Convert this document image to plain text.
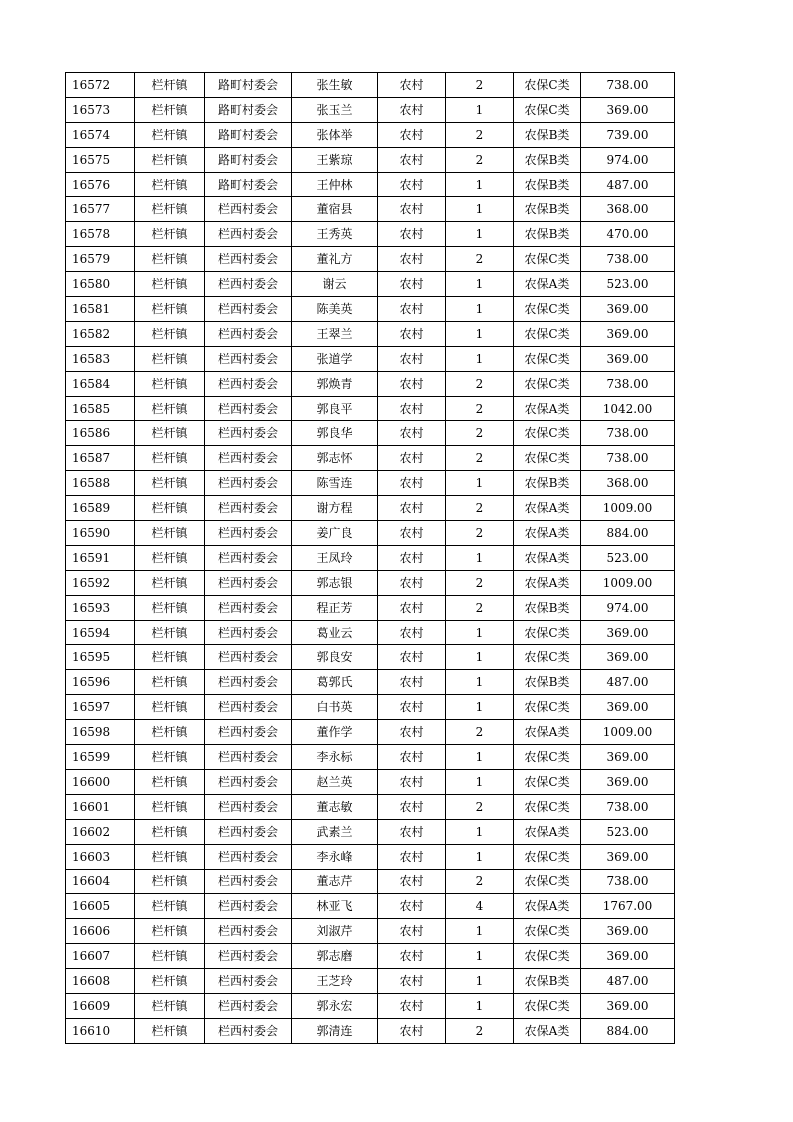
16572	栏杆镇	路町村委会	张生敏	农村	2	农保C类	738.00
16573	栏杆镇	路町村委会	张玉兰	农村	1	农保C类	369.00
16574	栏杆镇	路町村委会	张体举	农村	2	农保B类	739.00
16575	栏杆镇	路町村委会	王紫琼	农村	2	农保B类	974.00
16576	栏杆镇	路町村委会	王仲林	农村	1	农保B类	487.00
16577	栏杆镇	栏西村委会	董宿县	农村	1	农保B类	368.00
16578	栏杆镇	栏西村委会	王秀英	农村	1	农保B类	470.00
16579	栏杆镇	栏西村委会	董礼方	农村	2	农保C类	738.00
16580	栏杆镇	栏西村委会	谢云	农村	1	农保A类	523.00
16581	栏杆镇	栏西村委会	陈美英	农村	1	农保C类	369.00
16582	栏杆镇	栏西村委会	王翠兰	农村	1	农保C类	369.00
16583	栏杆镇	栏西村委会	张道学	农村	1	农保C类	369.00
16584	栏杆镇	栏西村委会	郭焕青	农村	2	农保C类	738.00
16585	栏杆镇	栏西村委会	郭良平	农村	2	农保A类	1042.00
16586	栏杆镇	栏西村委会	郭良华	农村	2	农保C类	738.00
16587	栏杆镇	栏西村委会	郭志怀	农村	2	农保C类	738.00
16588	栏杆镇	栏西村委会	陈雪连	农村	1	农保B类	368.00
16589	栏杆镇	栏西村委会	谢方程	农村	2	农保A类	1009.00
16590	栏杆镇	栏西村委会	姜广良	农村	2	农保A类	884.00
16591	栏杆镇	栏西村委会	王凤玲	农村	1	农保A类	523.00
16592	栏杆镇	栏西村委会	郭志银	农村	2	农保A类	1009.00
16593	栏杆镇	栏西村委会	程正芳	农村	2	农保B类	974.00
16594	栏杆镇	栏西村委会	葛业云	农村	1	农保C类	369.00
16595	栏杆镇	栏西村委会	郭良安	农村	1	农保C类	369.00
16596	栏杆镇	栏西村委会	葛郭氏	农村	1	农保B类	487.00
16597	栏杆镇	栏西村委会	白书英	农村	1	农保C类	369.00
16598	栏杆镇	栏西村委会	董作学	农村	2	农保A类	1009.00
16599	栏杆镇	栏西村委会	李永标	农村	1	农保C类	369.00
16600	栏杆镇	栏西村委会	赵兰英	农村	1	农保C类	369.00
16601	栏杆镇	栏西村委会	董志敏	农村	2	农保C类	738.00
16602	栏杆镇	栏西村委会	武素兰	农村	1	农保A类	523.00
16603	栏杆镇	栏西村委会	李永峰	农村	1	农保C类	369.00
16604	栏杆镇	栏西村委会	董志芹	农村	2	农保C类	738.00
16605	栏杆镇	栏西村委会	林亚飞	农村	4	农保A类	1767.00
16606	栏杆镇	栏西村委会	刘淑芹	农村	1	农保C类	369.00
16607	栏杆镇	栏西村委会	郭志磨	农村	1	农保C类	369.00
16608	栏杆镇	栏西村委会	王芝玲	农村	1	农保B类	487.00
16609	栏杆镇	栏西村委会	郭永宏	农村	1	农保C类	369.00
16610	栏杆镇	栏西村委会	郭清连	农村	2	农保A类	884.00
